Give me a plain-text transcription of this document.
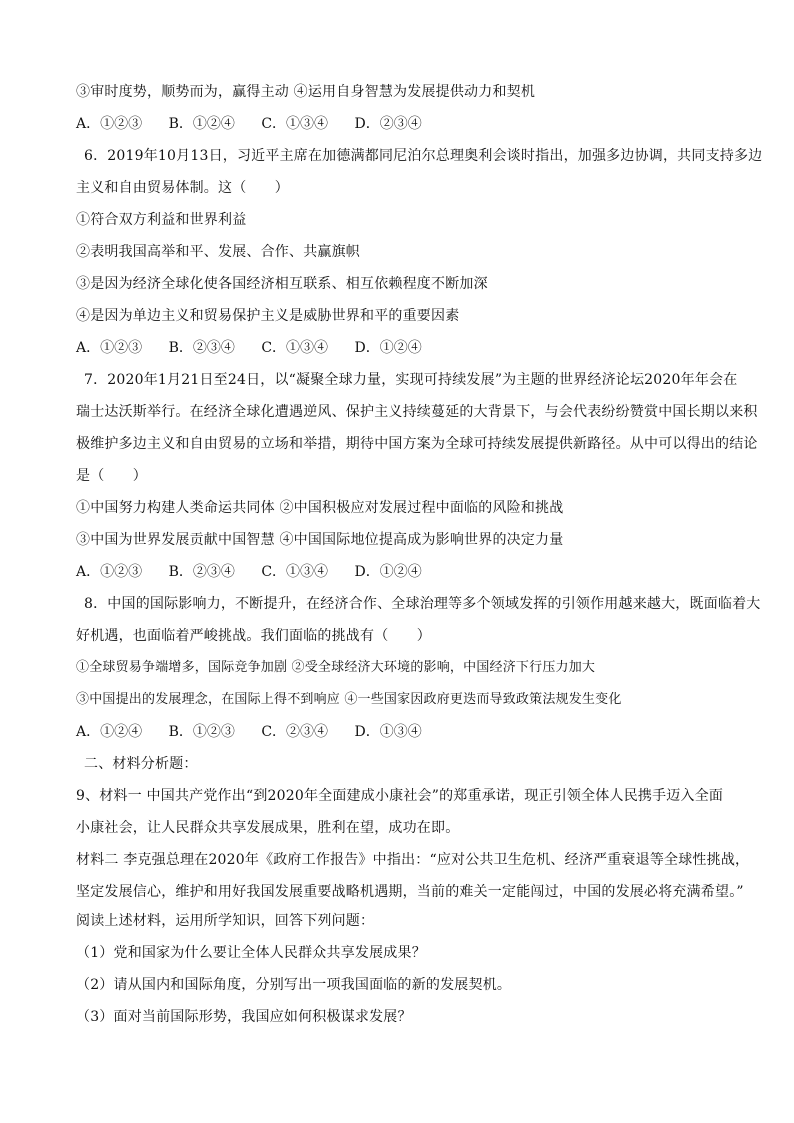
③审时度势，顺势而为，赢得主动 ④运用自身智慧为发展提供动力和契机
A．①②③ B．①②④ C．①③④ D．②③④
6．2019年10月13日，习近平主席在加德满都同尼泊尔总理奥利会谈时指出，加强多边协调，共同支持多边
主义和自由贸易体制。这（　　）
①符合双方利益和世界利益
②表明我国高举和平、发展、合作、共赢旗帜
③是因为经济全球化使各国经济相互联系、相互依赖程度不断加深
④是因为单边主义和贸易保护主义是威胁世界和平的重要因素
A．①②③ B．②③④ C．①③④ D．①②④
7．2020年1月21日至24日，以“凝聚全球力量，实现可持续发展”为主题的世界经济论坛2020年年会在
瑞士达沃斯举行。在经济全球化遭遇逆风、保护主义持续蔓延的大背景下，与会代表纷纷赞赏中国长期以来积
极维护多边主义和自由贸易的立场和举措，期待中国方案为全球可持续发展提供新路径。从中可以得出的结论
是（　　）
①中国努力构建人类命运共同体 ②中国积极应对发展过程中面临的风险和挑战
③中国为世界发展贡献中国智慧 ④中国国际地位提高成为影响世界的决定力量
A．①②③ B．②③④ C．①③④ D．①②④
8．中国的国际影响力，不断提升，在经济合作、全球治理等多个领域发挥的引领作用越来越大，既面临着大
好机遇，也面临着严峻挑战。我们面临的挑战有（　　）
①全球贸易争端增多，国际竞争加剧 ②受全球经济大环境的影响，中国经济下行压力加大
③中国提出的发展理念，在国际上得不到响应 ④一些国家因政府更迭而导致政策法规发生变化
A．①②④ B．①②③ C．②③④ D．①③④
二、材料分析题：
9、材料一 中国共产党作出“到2020年全面建成小康社会”的郑重承诺，现正引领全体人民携手迈入全面
小康社会，让人民群众共享发展成果，胜利在望，成功在即。
材料二 李克强总理在2020年《政府工作报告》中指出：“应对公共卫生危机、经济严重衰退等全球性挑战，
坚定发展信心，维护和用好我国发展重要战略机遇期，当前的难关一定能闯过，中国的发展必将充满希望。”
阅读上述材料，运用所学知识，回答下列问题：
（1）党和国家为什么要让全体人民群众共享发展成果？
（2）请从国内和国际角度，分别写出一项我国面临的新的发展契机。
（3）面对当前国际形势，我国应如何积极谋求发展？
